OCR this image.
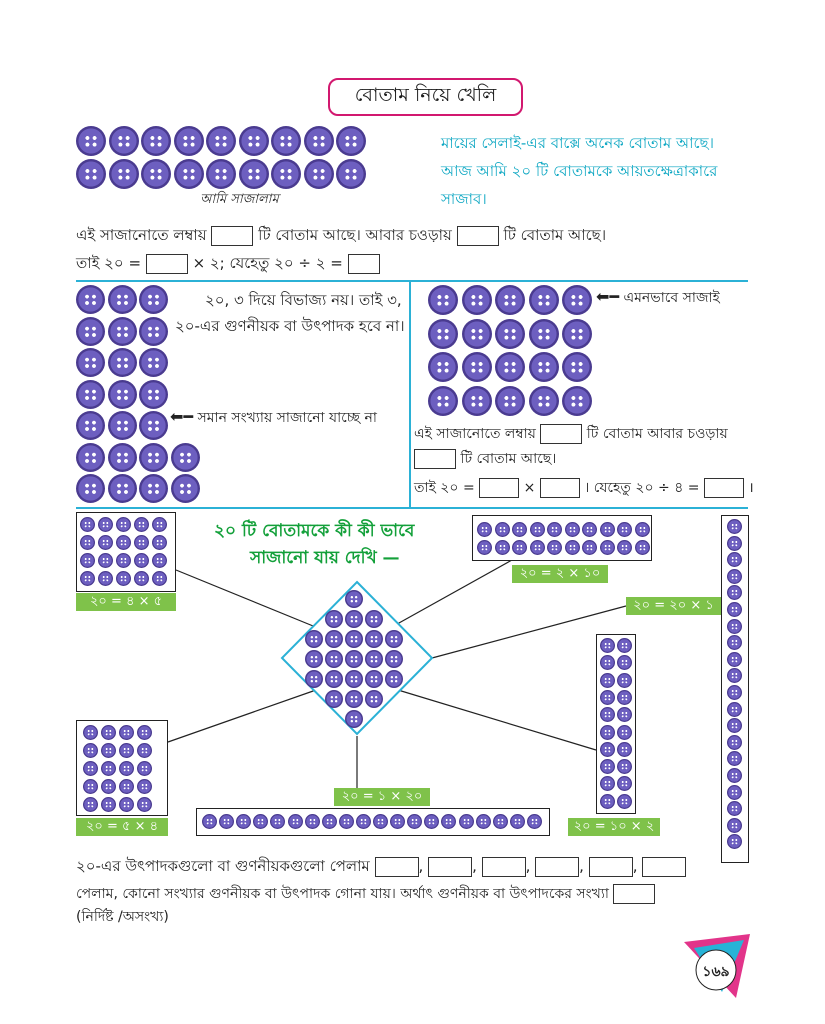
বোতাম নিয়ে খেলি
আমি সাজালাম
মায়ের সেলাই-এর বাক্সে অনেক বোতাম আছে।
আজ আমি ২০ টি বোতামকে আয়তক্ষেত্রাকারে
সাজাব।
এই সাজানোতে লম্বায়	টি বোতাম আছে। আবার চওড়ায়	টি বোতাম আছে।
তাই ২০ =	× ২; যেহেতু ২০ ÷ ২ =
২০, ৩ দিয়ে বিভাজ্য নয়। তাই ৩,
২০-এর গুণনীয়ক বা উৎপাদক হবে না।
⬅━ সমান সংখ্যায় সাজানো যাচ্ছে না
⬅━ এমনভাবে সাজাই
এই সাজানোতে লম্বায়	টি বোতাম আবার চওড়ায়
টি বোতাম আছে।
তাই ২০ =	×	। যেহেতু ২০ ÷ ৪ =	।
২০ টি বোতামকে কী কী ভাবে
সাজানো যায় দেখি —
২০ = ৪ × ৫
২০ = ২ × ১০
২০ = ২০ × ১
২০ = ১০ × ২
২০ = ৫ × ৪
২০ = ১ × ২০
২০-এর উৎপাদকগুলো বা গুণনীয়কগুলো পেলাম	,	,	,	,	,
পেলাম, কোনো সংখ্যার গুণনীয়ক বা উৎপাদক গোনা যায়। অর্থাৎ গুণনীয়ক বা উৎপাদকের সংখ্যা
(নির্দিষ্ট /অসংখ্য)
১৬৯
